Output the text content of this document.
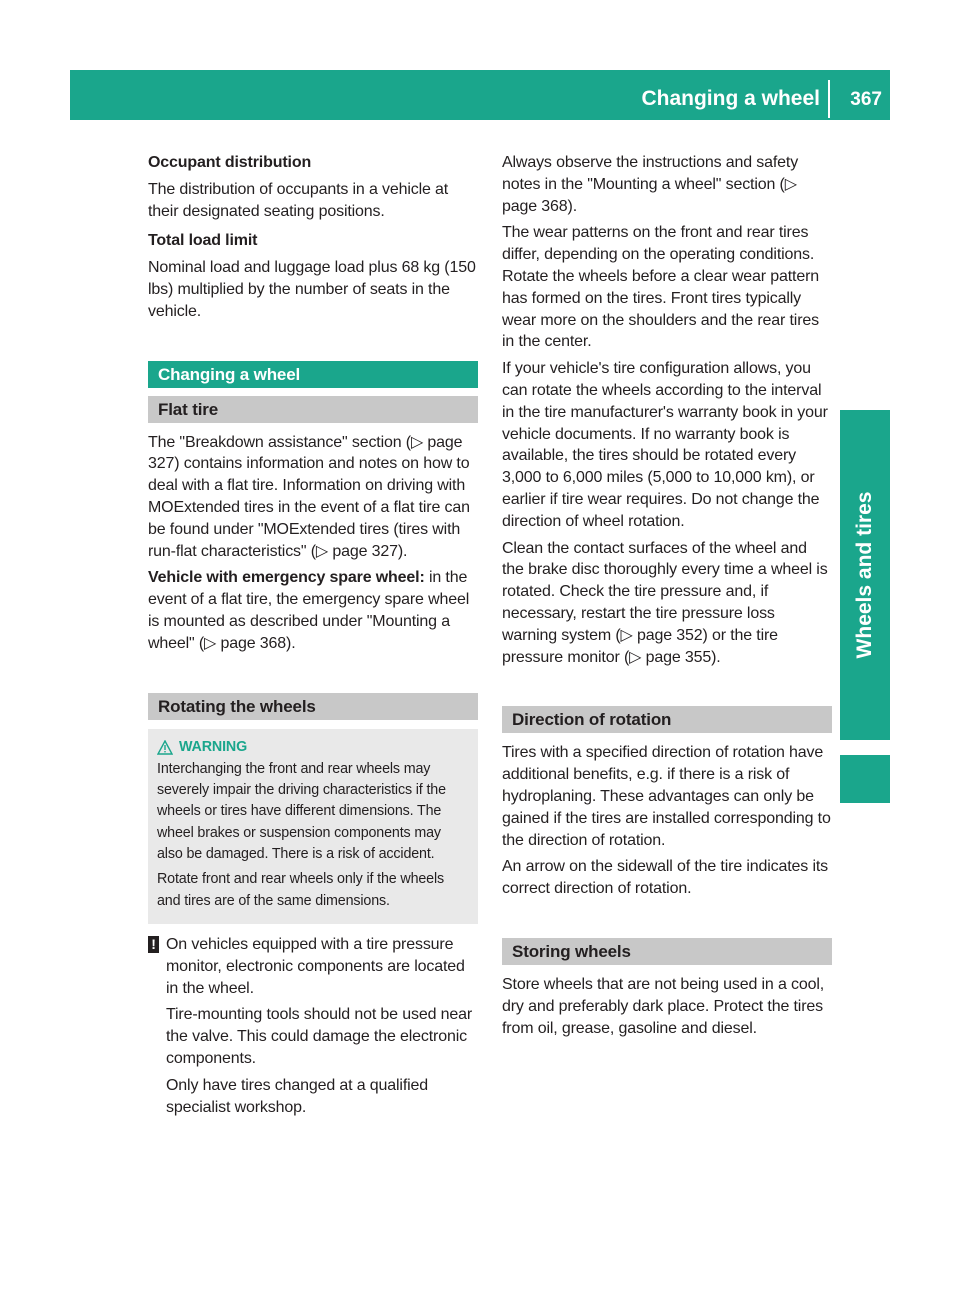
Changing a wheel 367
Wheels and tires

Occupant distribution

The distribution of occupants in a vehicle at their designated seating positions.

Total load limit

Nominal load and luggage load plus 68 kg (150 lbs) multiplied by the number of seats in the vehicle.

Changing a wheel
Flat tire

The "Breakdown assistance" section (▷ page 327) contains information and notes on how to deal with a flat tire. Information on driving with MOExtended tires in the event of a flat tire can be found under "MOExtended tires (tires with run-flat characteristics" (▷ page 327).

Vehicle with emergency spare wheel: in the event of a flat tire, the emergency spare wheel is mounted as described under "Mounting a wheel" (▷ page 368).

Rotating the wheels
WARNING

Interchanging the front and rear wheels may severely impair the driving characteristics if the wheels or tires have different dimensions. The wheel brakes or suspension components may also be damaged. There is a risk of accident.

Rotate front and rear wheels only if the wheels and tires are of the same dimensions.

! On vehicles equipped with a tire pressure monitor, electronic components are located in the wheel.

Tire-mounting tools should not be used near the valve. This could damage the electronic components.

Only have tires changed at a qualified specialist workshop.

Always observe the instructions and safety notes in the "Mounting a wheel" section (▷ page 368).

The wear patterns on the front and rear tires differ, depending on the operating conditions. Rotate the wheels before a clear wear pattern has formed on the tires. Front tires typically wear more on the shoulders and the rear tires in the center.

If your vehicle's tire configuration allows, you can rotate the wheels according to the interval in the tire manufacturer's warranty book in your vehicle documents. If no warranty book is available, the tires should be rotated every 3,000 to 6,000 miles (5,000 to 10,000 km), or earlier if tire wear requires. Do not change the direction of wheel rotation.

Clean the contact surfaces of the wheel and the brake disc thoroughly every time a wheel is rotated. Check the tire pressure and, if necessary, restart the tire pressure loss warning system (▷ page 352) or the tire pressure monitor (▷ page 355).

Direction of rotation

Tires with a specified direction of rotation have additional benefits, e.g. if there is a risk of hydroplaning. These advantages can only be gained if the tires are installed corresponding to the direction of rotation.

An arrow on the sidewall of the tire indicates its correct direction of rotation.

Storing wheels

Store wheels that are not being used in a cool, dry and preferably dark place. Protect the tires from oil, grease, gasoline and diesel.
